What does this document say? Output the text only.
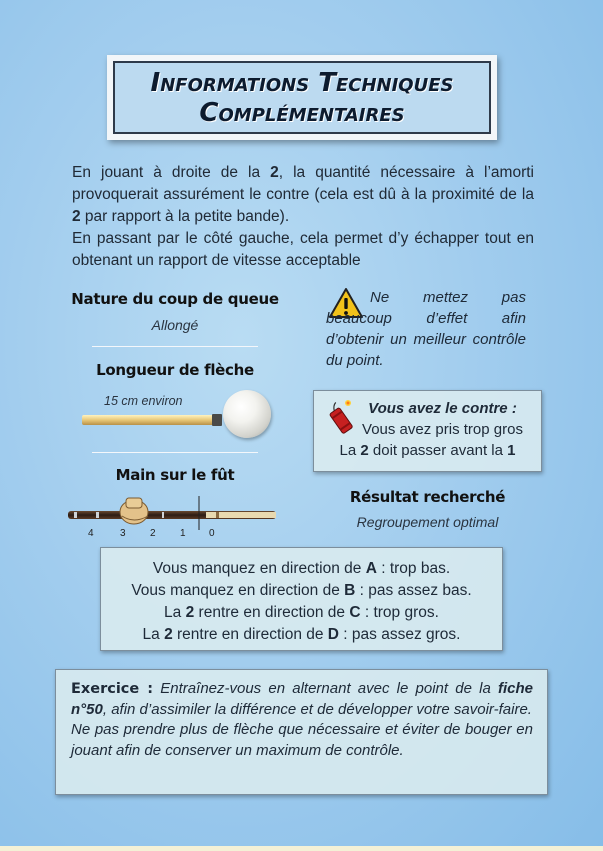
Informations Techniques
Complémentaires

En jouant à droite de la 2, la quantité nécessaire à l’amorti provoquerait assurément le contre (cela est dû à la proximité de la 2 par rapport à la petite bande).

En passant par le côté gauche, cela permet d’y échapper tout en obtenant un rapport de vitesse acceptable

Nature du coup de queue
Allongé
Longueur de flèche
15 cm environ
Main sur le fût
4	3 2 1 0
Ne mettez pas beaucoup d’effet afin d’obtenir un meilleur contrôle du point.
Vous avez le contre :
Vous avez pris trop gros
La 2 doit passer avant la 1
Résultat recherché
Regroupement optimal
Vous manquez en direction de A : trop bas.
Vous manquez en direction de B : pas assez bas.
La 2 rentre en direction de C : trop gros.
La 2 rentre en direction de D : pas assez gros.

Exercice : Entraînez-vous en alternant avec le point de la fiche n°50, afin d’assimiler la différence et de développer votre savoir-faire.

Ne pas prendre plus de flèche que nécessaire et éviter de bouger en jouant afin de conserver un maximum de contrôle.
